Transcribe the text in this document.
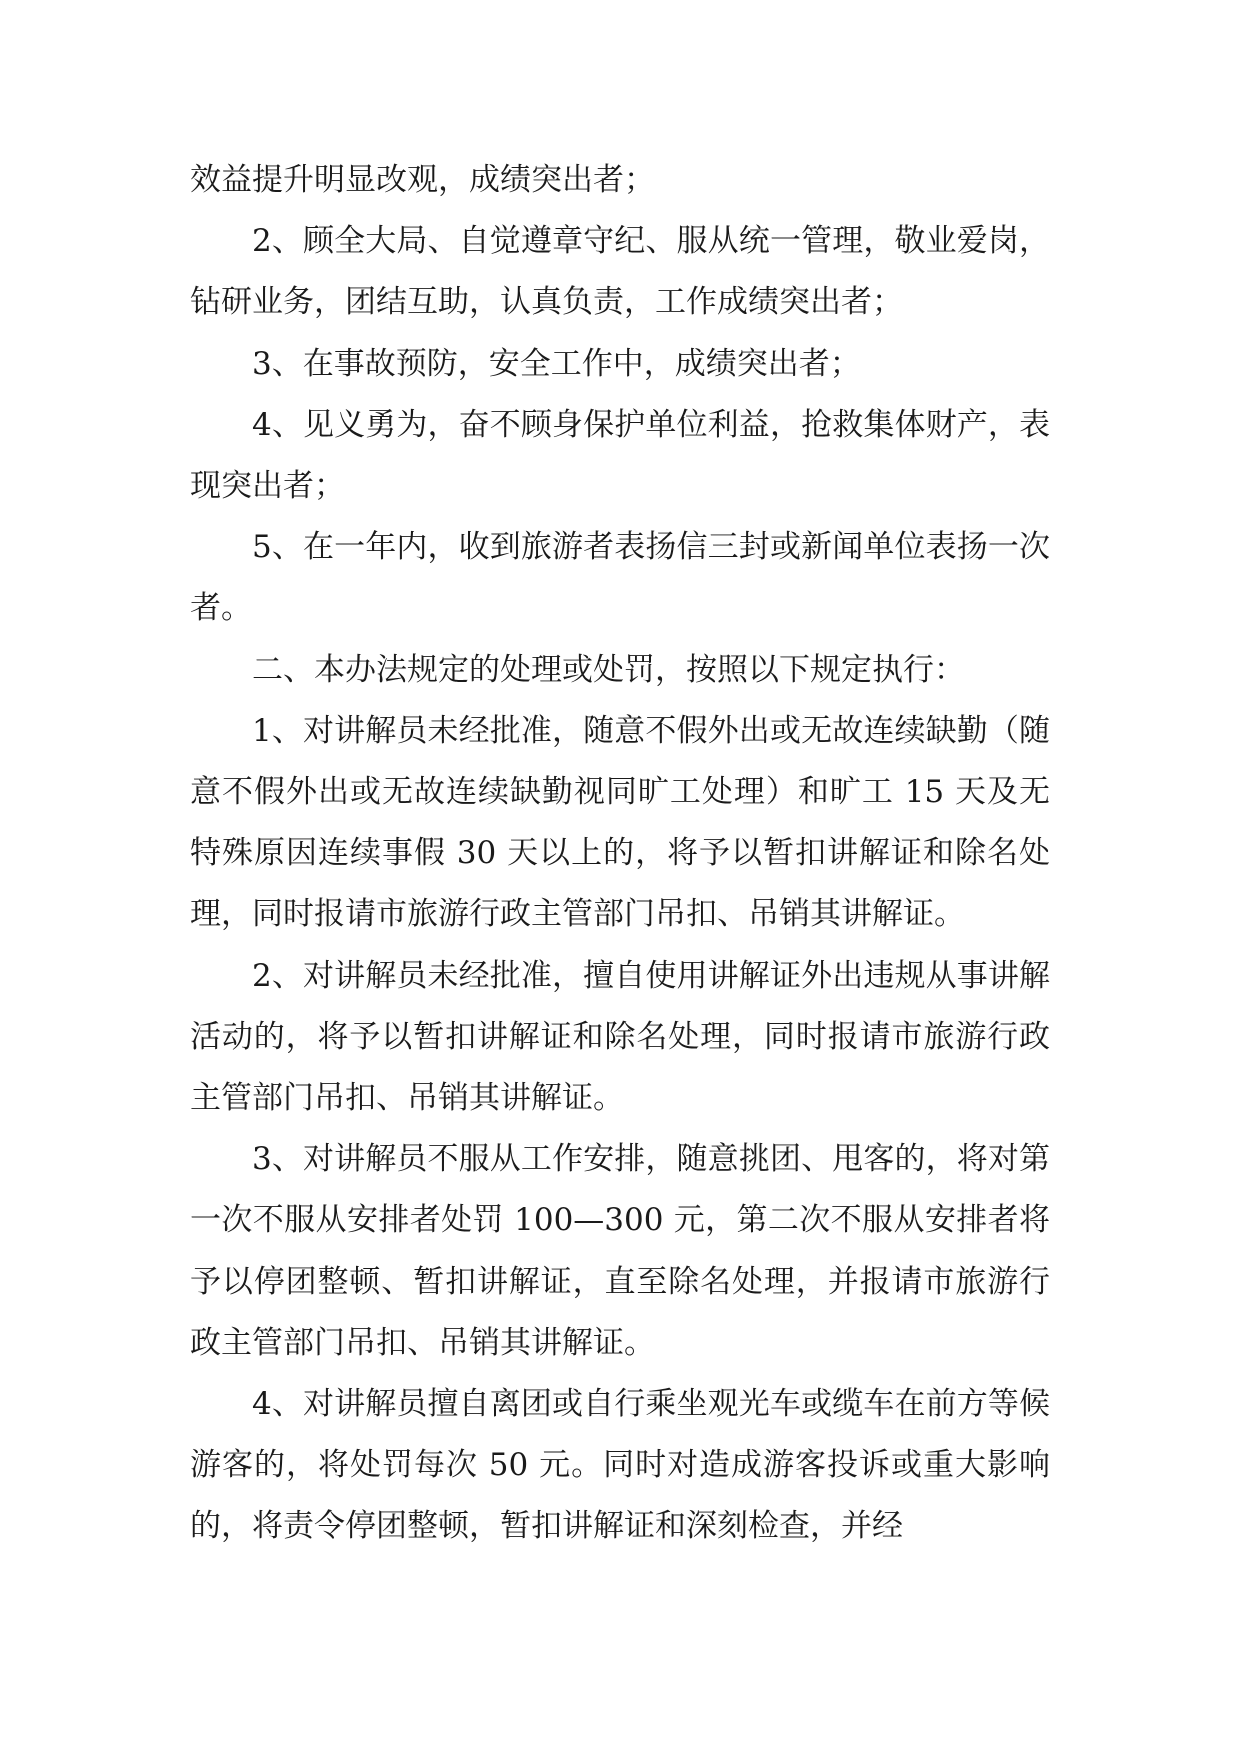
效益提升明显改观，成绩突出者；

2、顾全大局、自觉遵章守纪、服从统一管理，敬业爱岗，钻研业务，团结互助，认真负责，工作成绩突出者；

3、在事故预防，安全工作中，成绩突出者；

4、见义勇为，奋不顾身保护单位利益，抢救集体财产，表现突出者；

5、在一年内，收到旅游者表扬信三封或新闻单位表扬一次者。

二、本办法规定的处理或处罚，按照以下规定执行：

1、对讲解员未经批准，随意不假外出或无故连续缺勤（随意不假外出或无故连续缺勤视同旷工处理）和旷工 15 天及无特殊原因连续事假 30 天以上的，将予以暂扣讲解证和除名处理，同时报请市旅游行政主管部门吊扣、吊销其讲解证。

2、对讲解员未经批准，擅自使用讲解证外出违规从事讲解活动的，将予以暂扣讲解证和除名处理，同时报请市旅游行政主管部门吊扣、吊销其讲解证。

3、对讲解员不服从工作安排，随意挑团、甩客的，将对第一次不服从安排者处罚 100—300 元，第二次不服从安排者将予以停团整顿、暂扣讲解证，直至除名处理，并报请市旅游行政主管部门吊扣、吊销其讲解证。

4、对讲解员擅自离团或自行乘坐观光车或缆车在前方等候游客的，将处罚每次 50 元。同时对造成游客投诉或重大影响的，将责令停团整顿，暂扣讲解证和深刻检查，并经
